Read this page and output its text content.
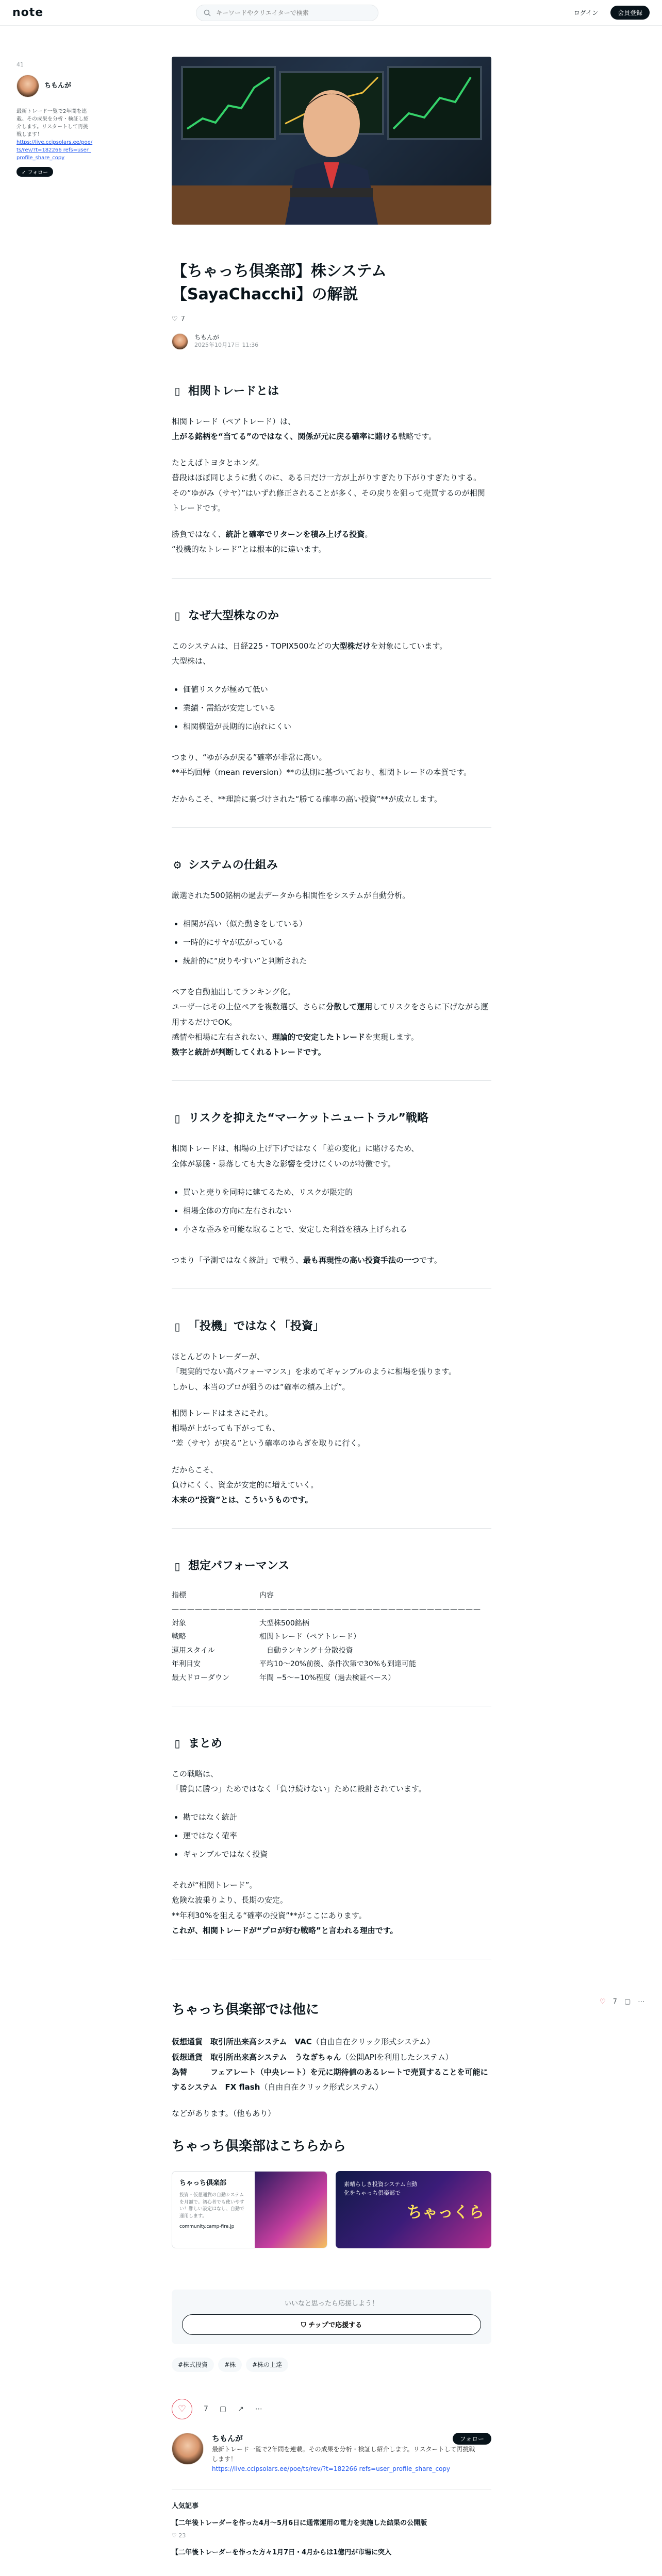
note
キーワードやクリエイターで検索	ログイン	会員登録
41
ちもんが
最新トレード一覧で2年間を連載。その成果を分析・検証し紹介します。リスタートして再挑戦します！
https://live.ccipsolars.ee/poe/ts/rev/?t=182266 refs=user_profile_share_copy
✓ フォロー
♡ 7 ▢ ⋯
【ちゃっち倶楽部】株システム【SayaChacchi】の解説
♡ 7
ちもんが
2025年10月17日 11:36
▯ 相関トレードとは

相関トレード（ペアトレード）は、
上がる銘柄を“当てる”のではなく、関係が元に戻る確率に賭ける戦略です。

たとえばトヨタとホンダ。
普段はほぼ同じように動くのに、ある日だけ一方が上がりすぎたり下がりすぎたりする。
その“ゆがみ（サヤ）”はいずれ修正されることが多く、その戻りを狙って売買するのが相関トレードです。

勝負ではなく、統計と確率でリターンを積み上げる投資。
“投機的なトレード”とは根本的に違います。

▯ なぜ大型株なのか

このシステムは、日経225・TOPIX500などの大型株だけを対象にしています。
大型株は、

• 価値リスクが極めて低い
• 業績・需給が安定している
• 相関構造が長期的に崩れにくい

つまり、“ゆがみが戻る”確率が非常に高い。
**平均回帰（mean reversion）**の法則に基づいており、相関トレードの本質です。

だからこそ、**理論に裏づけされた“勝てる確率の高い投資”**が成立します。

⚙ システムの仕組み

厳選された500銘柄の過去データから相関性をシステムが自動分析。

• 相関が高い（似た動きをしている）
• 一時的にサヤが広がっている
• 統計的に“戻りやすい”と判断された

ペアを自動抽出してランキング化。
ユーザーはその上位ペアを複数選び、さらに分散して運用してリスクをさらに下げながら運用するだけでOK。
感情や相場に左右されない、理論的で安定したトレードを実現します。
数字と統計が判断してくれるトレードです。

▯ リスクを抑えた“マーケットニュートラル”戦略

相関トレードは、相場の上げ下げではなく「差の変化」に賭けるため、
全体が暴騰・暴落しても大きな影響を受けにくいのが特徴です。

• 買いと売りを同時に建てるため、リスクが限定的
• 相場全体の方向に左右されない
• 小さな歪みを可能な取ることで、安定した利益を積み上げられる

つまり「予測ではなく統計」で戦う、最も再現性の高い投資手法の一つです。

▯ 「投機」ではなく「投資」

ほとんどのトレーダーが、
「現実的でない高パフォーマンス」を求めてギャンブルのように相場を張ります。
しかし、本当のプロが狙うのは“確率の積み上げ”。

相関トレードはまさにそれ。
相場が上がっても下がっても、
“差（サヤ）が戻る”という確率のゆらぎを取りに行く。

だからこそ、
負けにくく、資金が安定的に増えていく。
本来の“投資”とは、こういうものです。

▯ 想定パフォーマンス
指標	内容
————————————————————————————————————————
対象	大型株500銘柄
戦略	相関トレード（ペアトレード）
運用スタイル	　自動ランキング＋分散投資
年利目安	平均10〜20%前後、条件次第で30%も到達可能
最大ドローダウン	年間 −5〜−10%程度（過去検証ベース）
▯ まとめ

この戦略は、
「勝負に勝つ」ためではなく「負け続けない」ために設計されています。

• 勘ではなく統計
• 運ではなく確率
• ギャンブルではなく投資

それが“相関トレード”。
危険な波乗りより、長期の安定。
**年利30%を狙える“確率の投資”**がここにあります。
これが、相関トレードが“プロが好む戦略”と言われる理由です。

ちゃっち倶楽部では他に

仮想通貨　取引所出来高システム　VAC（自由自在クリック形式システム）
仮想通貨　取引所出来高システム　うなぎちゃん（公開APIを利用したシステム）
為替　　　フェアレート（中央レート）を元に期待値のあるレートで売買することを可能にするシステム　FX flash（自由自在クリック形式システム）

などがあります。（他もあり）

ちゃっち倶楽部はこちらから
ちゃっち倶楽部
投資・仮想通貨の自動システムを月額で。初心者でも使いやすい！難しい設定はなし、自動で運用します。
community.camp-fire.jp
素晴らしき投資システム自動化をちゃっち倶楽部で
ちゃっくら
いいなと思ったら応援しよう！
⛉ チップで応援する
#株式投資	#株	#株の上達
♡	7 ▢ ↗ ⋯
ちもんが
最新トレード一覧で2年間を連載。その成果を分析・検証し紹介します。リスタートして再挑戦します！
https://live.ccipsolars.ee/poe/ts/rev/?t=182266 refs=user_profile_share_copy
フォロー
人気記事
【二年後トレーダーを作った4月～5月6日に通常運用の電力を実施した結果の公開版
♡ 23
【二年後トレーダーを作った方々1月7日・4月からは1億円が市場に突入
